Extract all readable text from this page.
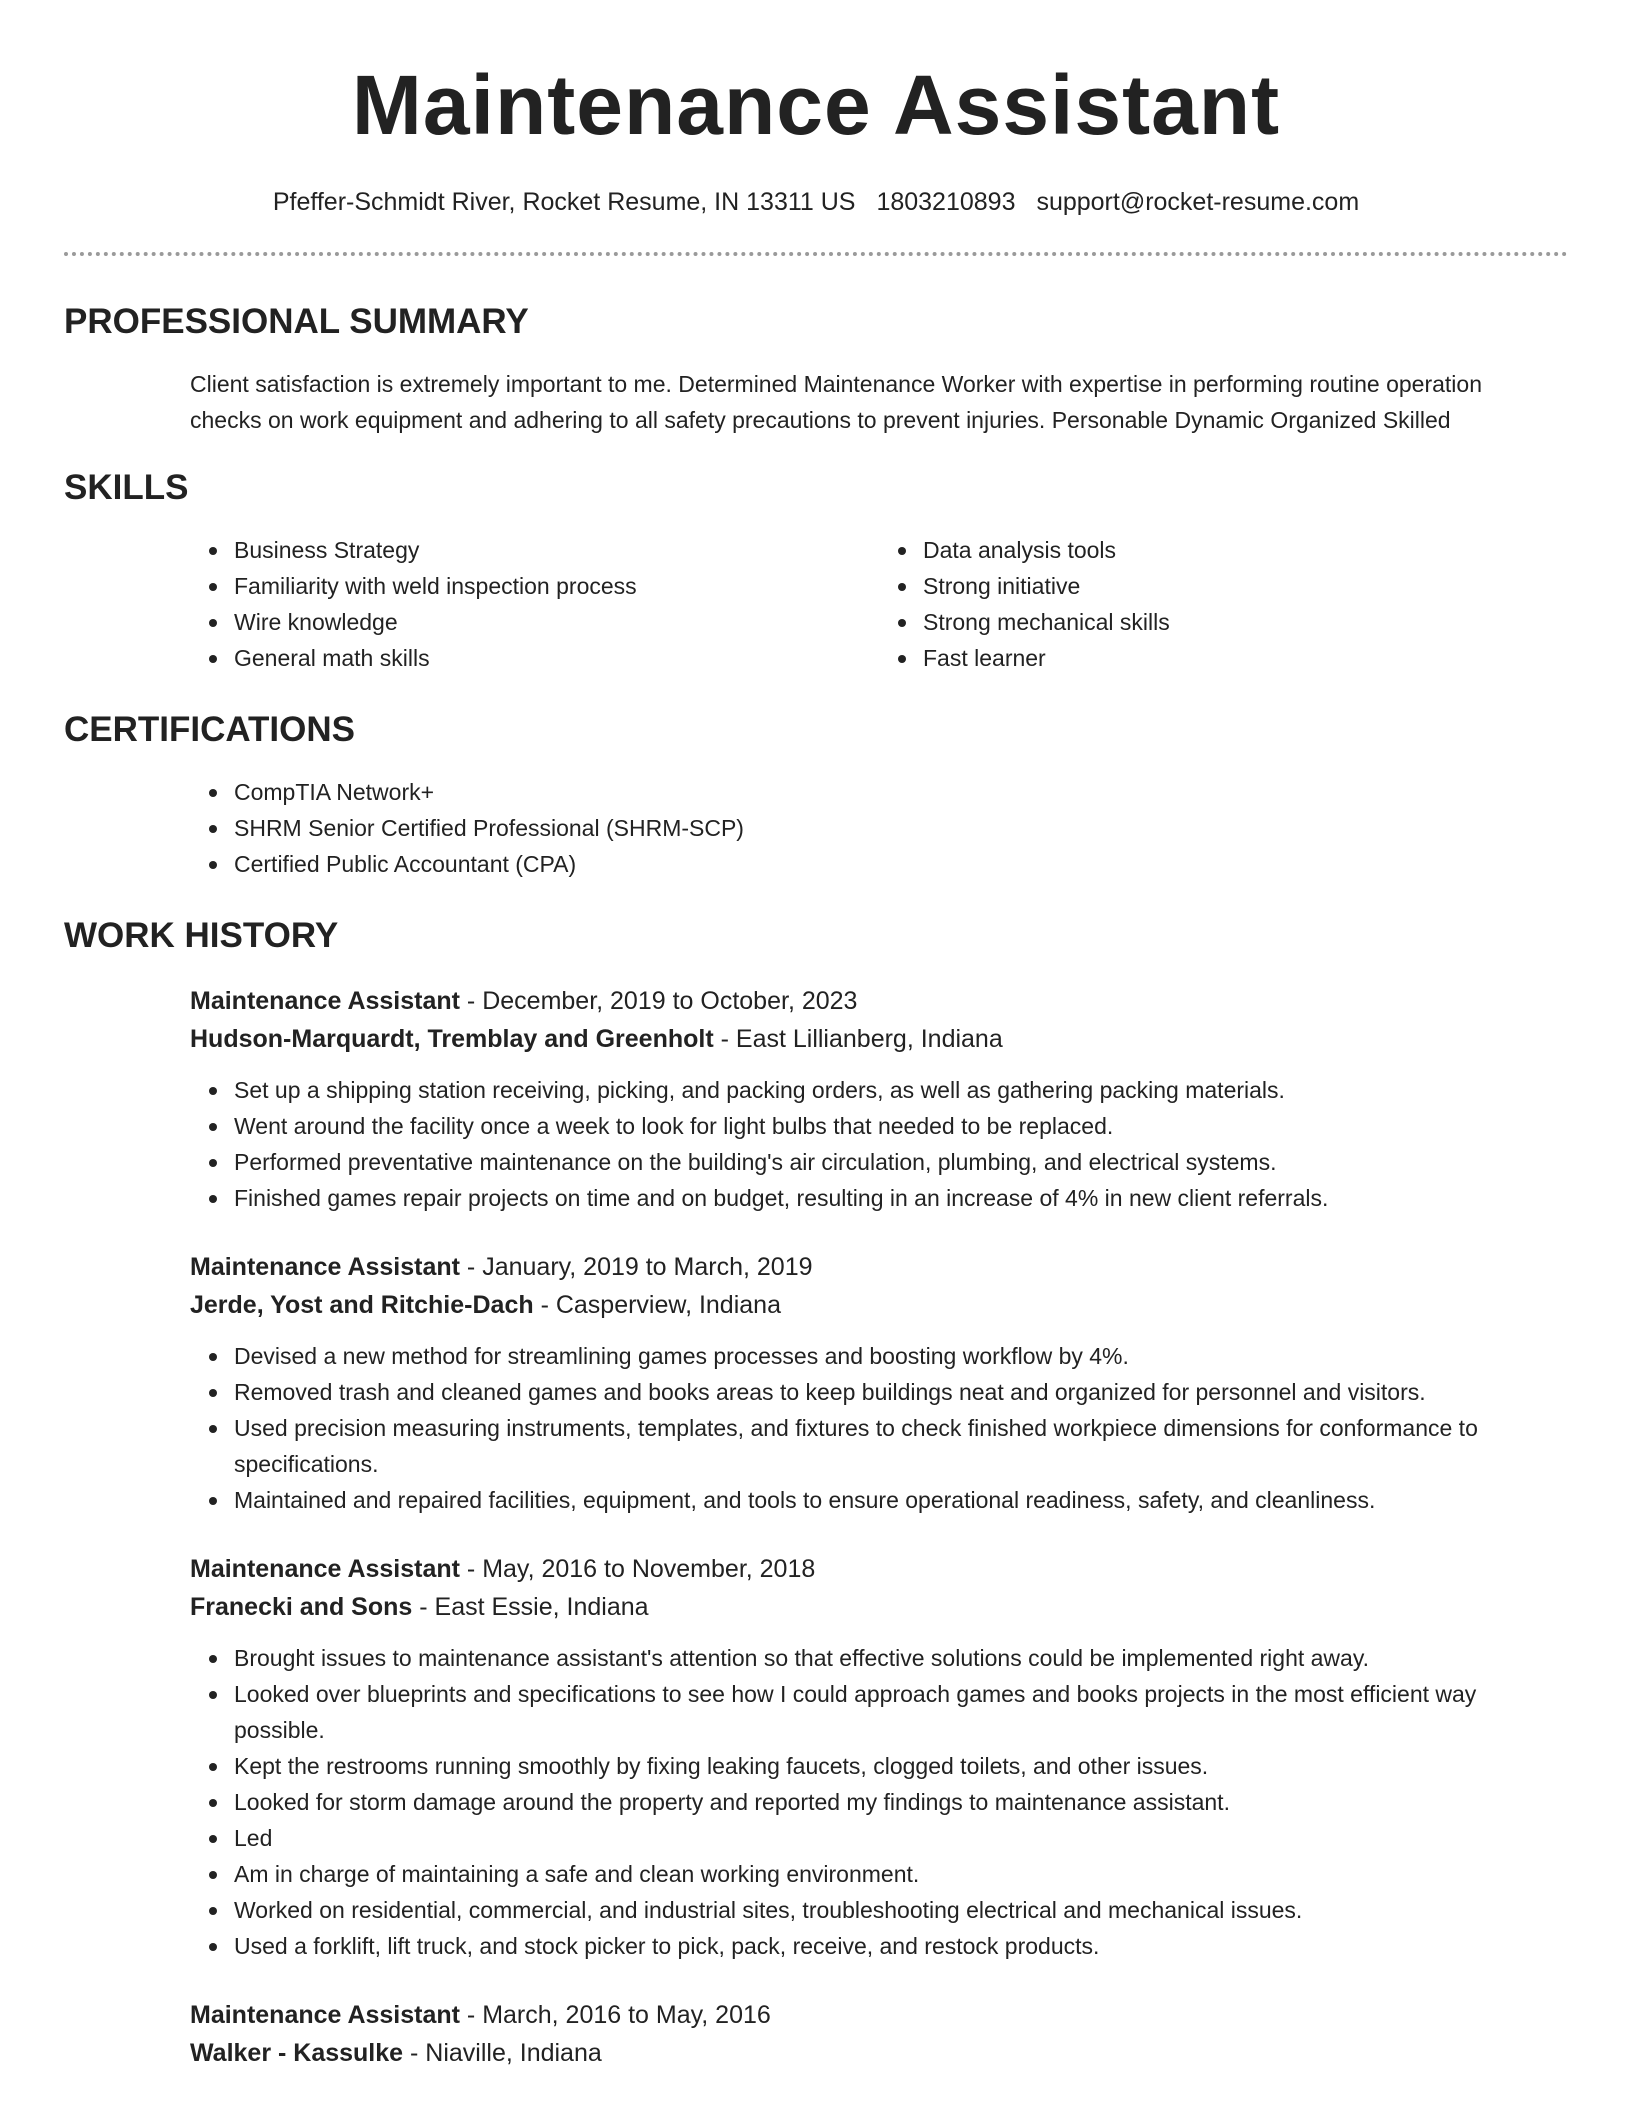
Maintenance Assistant
Pfeffer-Schmidt River, Rocket Resume, IN 13311 US 1803210893 support@rocket-resume.com
PROFESSIONAL SUMMARY
Client satisfaction is extremely important to me. Determined Maintenance Worker with expertise in performing routine operation checks on work equipment and adhering to all safety precautions to prevent injuries. Personable Dynamic Organized Skilled
SKILLS
Business Strategy
Familiarity with weld inspection process
Wire knowledge
General math skills
Data analysis tools
Strong initiative
Strong mechanical skills
Fast learner
CERTIFICATIONS
CompTIA Network+
SHRM Senior Certified Professional (SHRM-SCP)
Certified Public Accountant (CPA)
WORK HISTORY
Maintenance Assistant - December, 2019 to October, 2023
Hudson-Marquardt, Tremblay and Greenholt - East Lillianberg, Indiana
Set up a shipping station receiving, picking, and packing orders, as well as gathering packing materials.
Went around the facility once a week to look for light bulbs that needed to be replaced.
Performed preventative maintenance on the building's air circulation, plumbing, and electrical systems.
Finished games repair projects on time and on budget, resulting in an increase of 4% in new client referrals.
Maintenance Assistant - January, 2019 to March, 2019
Jerde, Yost and Ritchie-Dach - Casperview, Indiana
Devised a new method for streamlining games processes and boosting workflow by 4%.
Removed trash and cleaned games and books areas to keep buildings neat and organized for personnel and visitors.
Used precision measuring instruments, templates, and fixtures to check finished workpiece dimensions for conformance to specifications.
Maintained and repaired facilities, equipment, and tools to ensure operational readiness, safety, and cleanliness.
Maintenance Assistant - May, 2016 to November, 2018
Franecki and Sons - East Essie, Indiana
Brought issues to maintenance assistant's attention so that effective solutions could be implemented right away.
Looked over blueprints and specifications to see how I could approach games and books projects in the most efficient way possible.
Kept the restrooms running smoothly by fixing leaking faucets, clogged toilets, and other issues.
Looked for storm damage around the property and reported my findings to maintenance assistant.
Led
Am in charge of maintaining a safe and clean working environment.
Worked on residential, commercial, and industrial sites, troubleshooting electrical and mechanical issues.
Used a forklift, lift truck, and stock picker to pick, pack, receive, and restock products.
Maintenance Assistant - March, 2016 to May, 2016
Walker - Kassulke - Niaville, Indiana
